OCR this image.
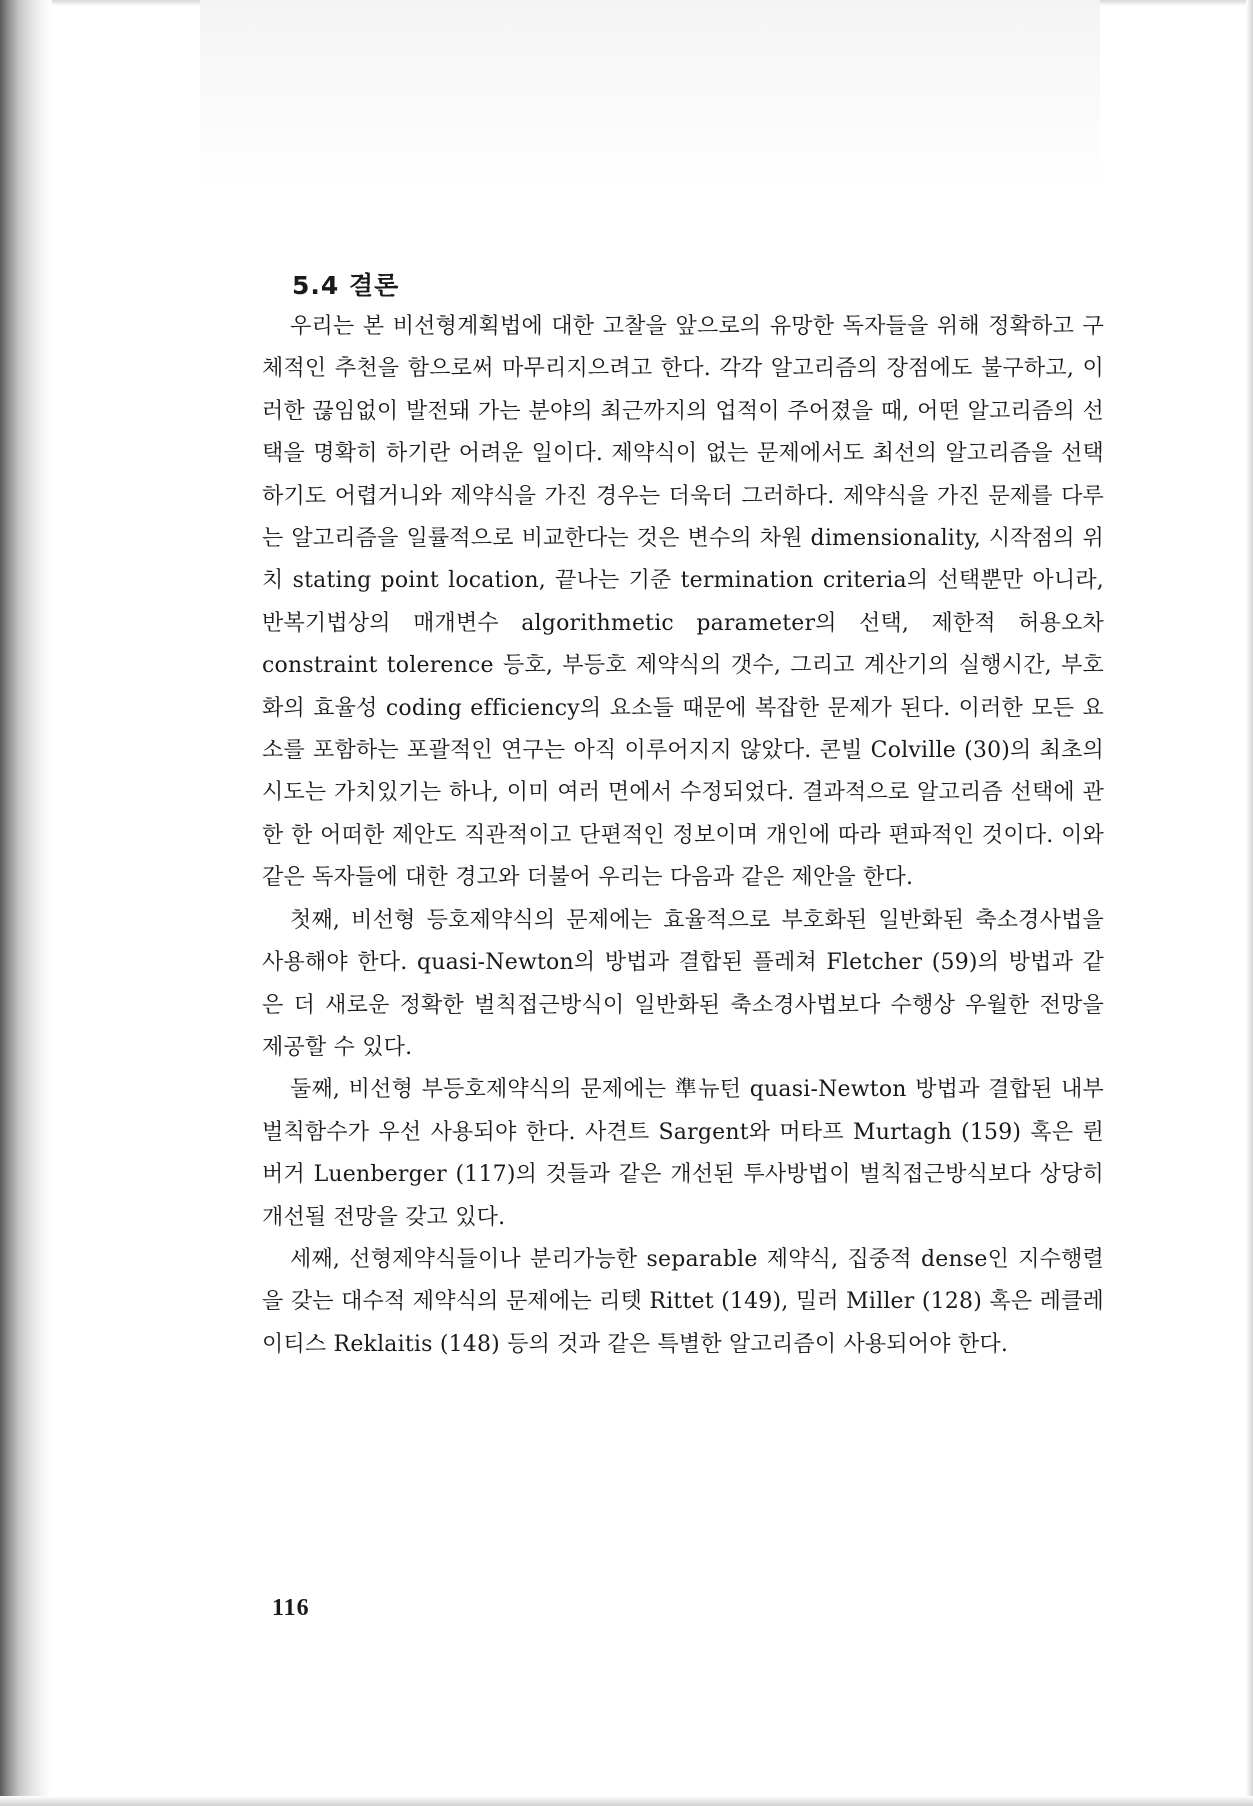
5.4 결론

우리는 본 비선형계획법에 대한 고찰을 앞으로의 유망한 독자들을 위해 정확하고 구체적인 추천을 함으로써 마무리지으려고 한다. 각각 알고리즘의 장점에도 불구하고, 이러한 끊임없이 발전돼 가는 분야의 최근까지의 업적이 주어졌을 때, 어떤 알고리즘의 선택을 명확히 하기란 어려운 일이다. 제약식이 없는 문제에서도 최선의 알고리즘을 선택하기도 어렵거니와 제약식을 가진 경우는 더욱더 그러하다. 제약식을 가진 문제를 다루는 알고리즘을 일률적으로 비교한다는 것은 변수의 차원 dimensionality, 시작점의 위치 stating point location, 끝나는 기준 termination criteria의 선택뿐만 아니라, 반복기법상의 매개변수 algorithmetic parameter의 선택, 제한적 허용오차 constraint tolerence 등호, 부등호 제약식의 갯수, 그리고 계산기의 실행시간, 부호화의 효율성 coding efficiency의 요소들 때문에 복잡한 문제가 된다. 이러한 모든 요소를 포함하는 포괄적인 연구는 아직 이루어지지 않았다. 콘빌 Colville (30)의 최초의 시도는 가치있기는 하나, 이미 여러 면에서 수정되었다. 결과적으로 알고리즘 선택에 관한 한 어떠한 제안도 직관적이고 단편적인 정보이며 개인에 따라 편파적인 것이다. 이와 같은 독자들에 대한 경고와 더불어 우리는 다음과 같은 제안을 한다.

첫째, 비선형 등호제약식의 문제에는 효율적으로 부호화된 일반화된 축소경사법을 사용해야 한다. quasi-Newton의 방법과 결합된 플레쳐 Fletcher (59)의 방법과 같은 더 새로운 정확한 벌칙접근방식이 일반화된 축소경사법보다 수행상 우월한 전망을 제공할 수 있다.

둘째, 비선형 부등호제약식의 문제에는 準뉴턴 quasi-Newton 방법과 결합된 내부벌칙함수가 우선 사용되야 한다. 사견트 Sargent와 머타프 Murtagh (159) 혹은 륀버거 Luenberger (117)의 것들과 같은 개선된 투사방법이 벌칙접근방식보다 상당히 개선될 전망을 갖고 있다.

세째, 선형제약식들이나 분리가능한 separable 제약식, 집중적 dense인 지수행렬을 갖는 대수적 제약식의 문제에는 리텟 Rittet (149), 밀러 Miller (128) 혹은 레클레이티스 Reklaitis (148) 등의 것과 같은 특별한 알고리즘이 사용되어야 한다.

116
